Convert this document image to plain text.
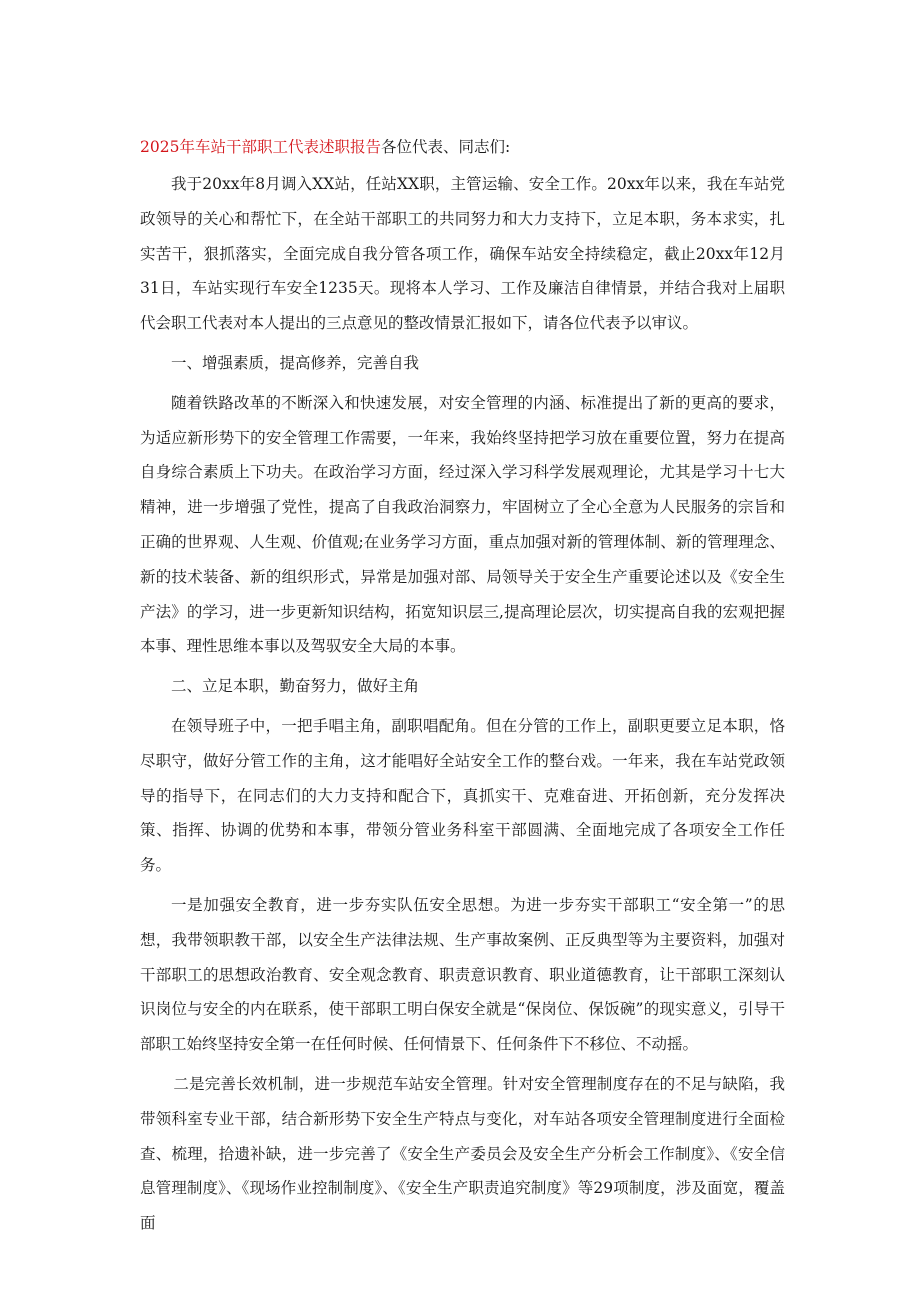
2025年车站干部职工代表述职报告各位代表、同志们:

我于20xx年8月调入XX站，任站XX职，主管运输、安全工作。20xx年以来，我在车站党政领导的关心和帮忙下，在全站干部职工的共同努力和大力支持下，立足本职，务本求实，扎实苦干，狠抓落实，全面完成自我分管各项工作，确保车站安全持续稳定，截止20xx年12月31日，车站实现行车安全1235天。现将本人学习、工作及廉洁自律情景，并结合我对上届职代会职工代表对本人提出的三点意见的整改情景汇报如下，请各位代表予以审议。

一、增强素质，提高修养，完善自我

随着铁路改革的不断深入和快速发展，对安全管理的内涵、标准提出了新的更高的要求，为适应新形势下的安全管理工作需要，一年来，我始终坚持把学习放在重要位置，努力在提高自身综合素质上下功夫。在政治学习方面，经过深入学习科学发展观理论，尤其是学习十七大精神，进一步增强了党性，提高了自我政治洞察力，牢固树立了全心全意为人民服务的宗旨和正确的世界观、人生观、价值观;在业务学习方面，重点加强对新的管理体制、新的管理理念、新的技术装备、新的组织形式，异常是加强对部、局领导关于安全生产重要论述以及《安全生产法》的学习，进一步更新知识结构，拓宽知识层三,提高理论层次，切实提高自我的宏观把握本事、理性思维本事以及驾驭安全大局的本事。

二、立足本职，勤奋努力，做好主角

在领导班子中，一把手唱主角，副职唱配角。但在分管的工作上，副职更要立足本职，恪尽职守，做好分管工作的主角，这才能唱好全站安全工作的整台戏。一年来，我在车站党政领导的指导下，在同志们的大力支持和配合下，真抓实干、克难奋进、开拓创新，充分发挥决策、指挥、协调的优势和本事，带领分管业务科室干部圆满、全面地完成了各项安全工作任务。

一是加强安全教育，进一步夯实队伍安全思想。为进一步夯实干部职工“安全第一”的思想，我带领职教干部，以安全生产法律法规、生产事故案例、正反典型等为主要资料，加强对干部职工的思想政治教育、安全观念教育、职责意识教育、职业道德教育，让干部职工深刻认识岗位与安全的内在联系，使干部职工明白保安全就是“保岗位、保饭碗”的现实意义，引导干部职工始终坚持安全第一在任何时候、任何情景下、任何条件下不移位、不动摇。

二是完善长效机制，进一步规范车站安全管理。针对安全管理制度存在的不足与缺陷，我带领科室专业干部，结合新形势下安全生产特点与变化，对车站各项安全管理制度进行全面检查、梳理，拾遗补缺，进一步完善了《安全生产委员会及安全生产分析会工作制度》、《安全信息管理制度》、《现场作业控制制度》、《安全生产职责追究制度》等29项制度，涉及面宽，覆盖面
